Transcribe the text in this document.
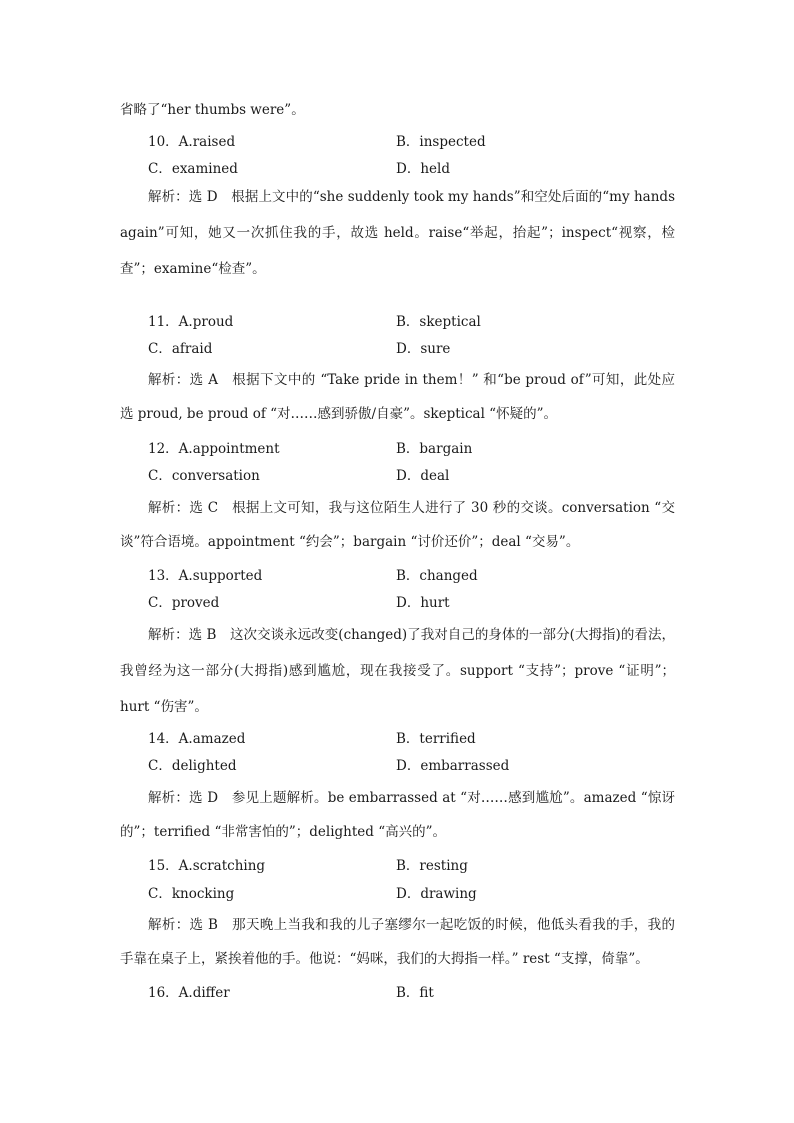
省略了“her thumbs were”。
10．A.raised	B．inspected
C．examined	D．held
解析：选 D　根据上文中的“she suddenly took my hands”和空处后面的“my hands again”可知，她又一次抓住我的手，故选 held。raise“举起，抬起”；inspect“视察，检查”；examine“检查”。
11．A.proud	B．skeptical
C．afraid	D．sure
解析：选 A　根据下文中的 “Take pride in them！” 和“be proud of”可知，此处应选 proud, be proud of “对……感到骄傲/自豪”。skeptical “怀疑的”。
12．A.appointment	B．bargain
C．conversation	D．deal
解析：选 C　根据上文可知，我与这位陌生人进行了 30 秒的交谈。conversation “交谈”符合语境。appointment “约会”；bargain “讨价还价”；deal “交易”。
13．A.supported	B．changed
C．proved	D．hurt
解析：选 B　这次交谈永远改变(changed)了我对自己的身体的一部分(大拇指)的看法，我曾经为这一部分(大拇指)感到尴尬，现在我接受了。support “支持”；prove “证明”；hurt “伤害”。
14．A.amazed	B．terrified
C．delighted	D．embarrassed
解析：选 D　参见上题解析。be embarrassed at “对……感到尴尬”。amazed “惊讶的”；terrified “非常害怕的”；delighted “高兴的”。
15．A.scratching	B．resting
C．knocking	D．drawing
解析：选 B　那天晚上当我和我的儿子塞缪尔一起吃饭的时候，他低头看我的手，我的手靠在桌子上，紧挨着他的手。他说：“妈咪，我们的大拇指一样。” rest “支撑，倚靠”。
16．A.differ	B．fit
